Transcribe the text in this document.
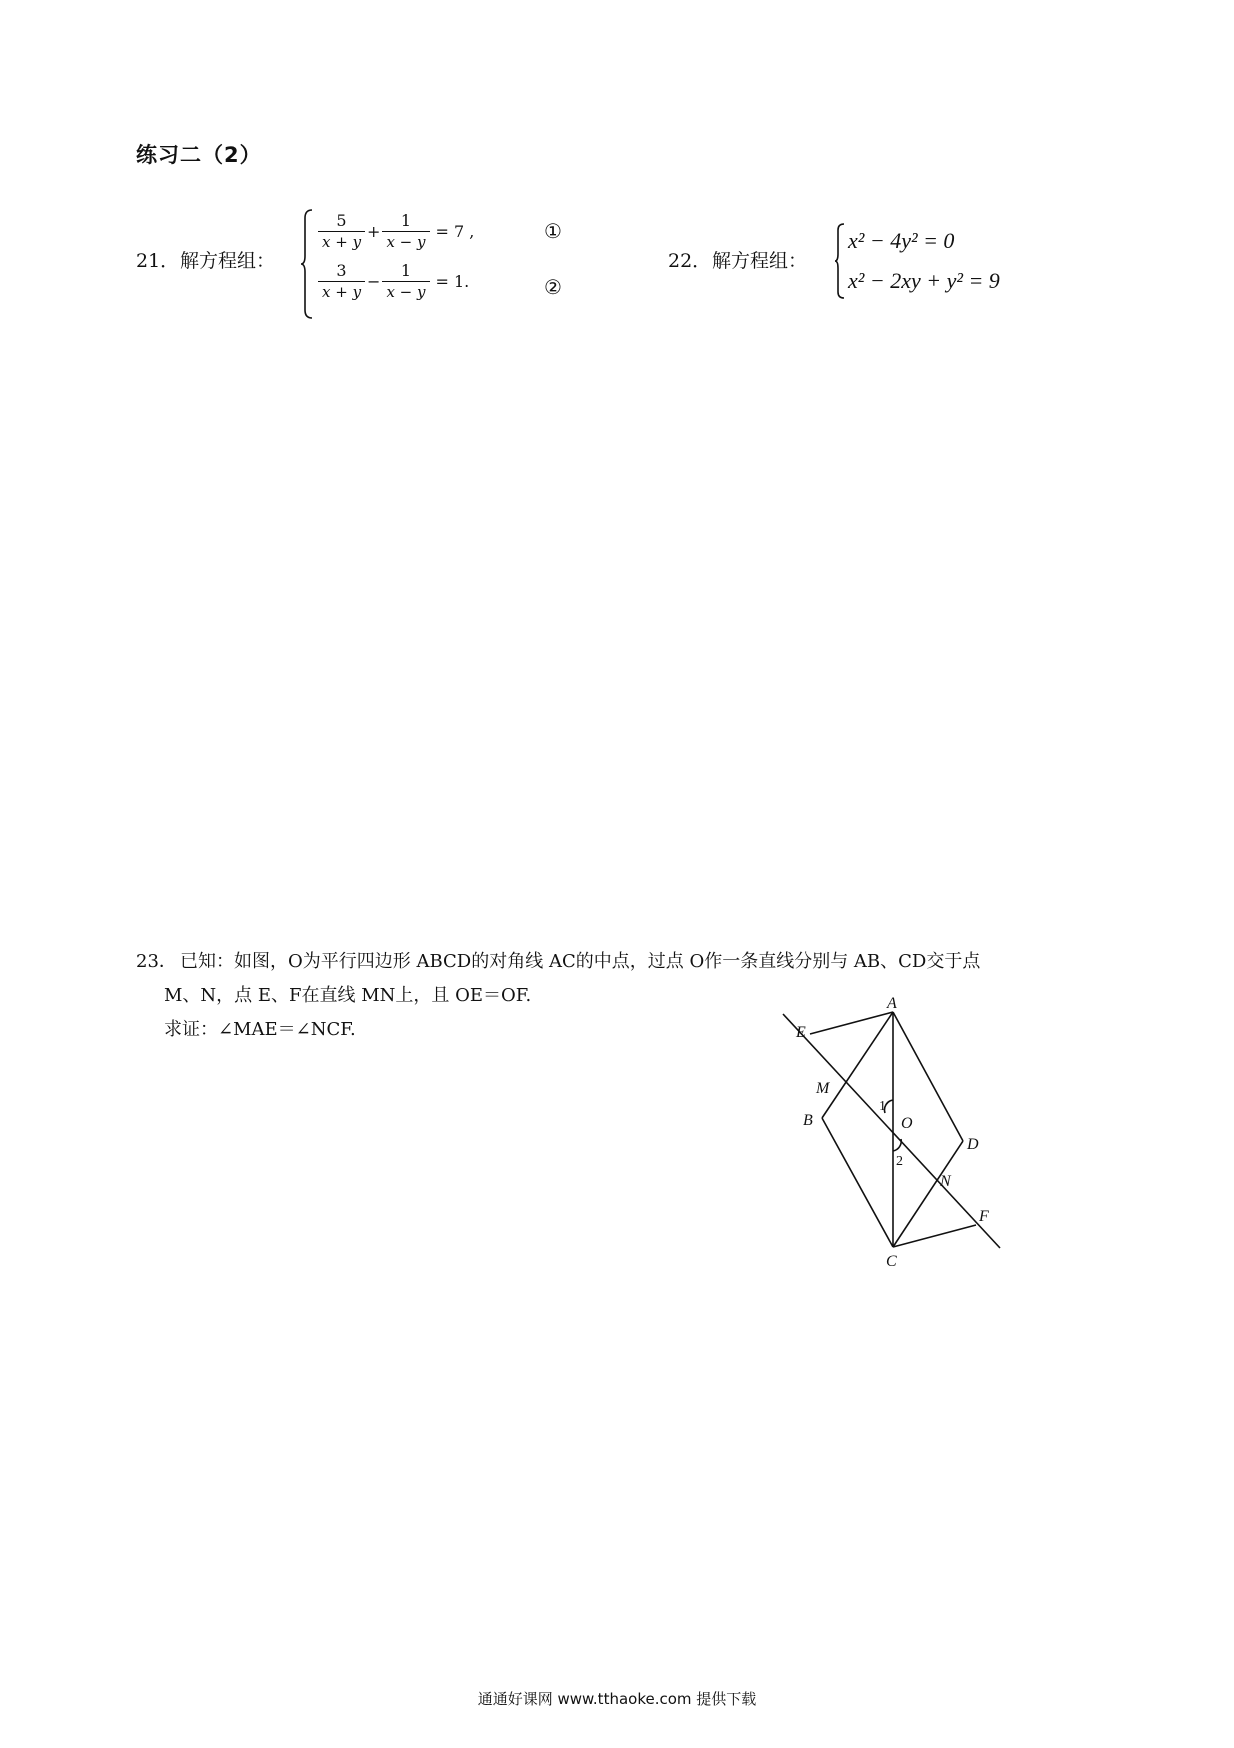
练习二（2）
21． 解方程组：
$\frac{5}{x + y} + \frac{1}{x - y} = 7$ ,
$\frac{3}{x + y} - \frac{1}{x - y} = 1$.
①
②
22． 解方程组：
x² − 4y² = 0
x² − 2xy + y² = 9
23． 已知：如图，O为平行四边形 ABCD的对角线 AC的中点，过点 O作一条直线分别与 AB、CD交于点
M、N，点 E、F在直线 MN上，且 OE＝OF.
求证：∠MAE＝∠NCF.	E
A
M
B	O
D
N
F
C
1
2
通通好课网 www.tthaoke.com 提供下载
